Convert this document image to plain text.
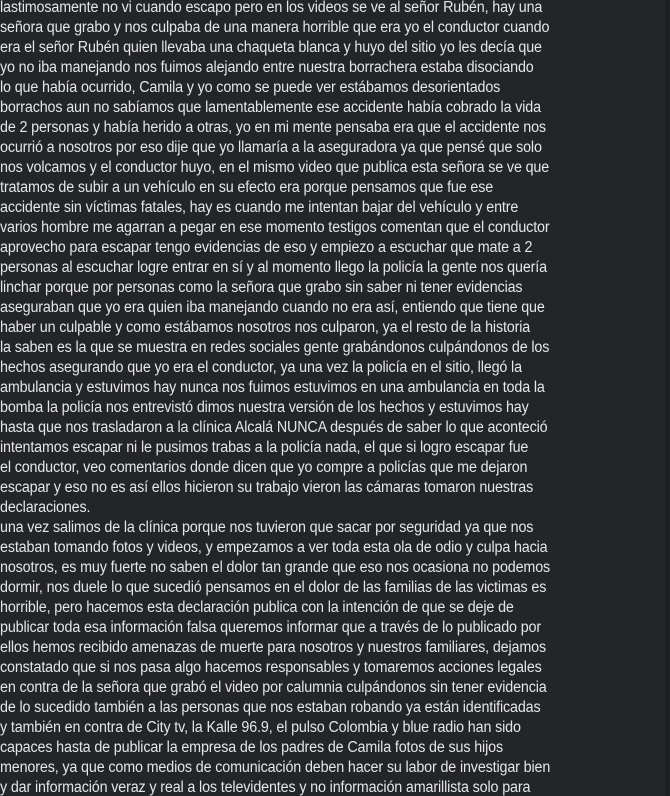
lastimosamente no vi cuando escapo pero en los videos se ve al señor Rubén, hay una
señora que grabo y nos culpaba de una manera horrible que era yo el conductor cuando
era el señor Rubén quien llevaba una chaqueta blanca y huyo del sitio yo les decía que
yo no iba manejando nos fuimos alejando entre nuestra borrachera estaba disociando
lo que había ocurrido, Camila y yo como se puede ver estábamos desorientados
borrachos aun no sabíamos que lamentablemente ese accidente había cobrado la vida
de 2 personas y había herido a otras, yo en mi mente pensaba era que el accidente nos
ocurrió a nosotros por eso dije que yo llamaría a la aseguradora ya que pensé que solo
nos volcamos y el conductor huyo, en el mismo video que publica esta señora se ve que
tratamos de subir a un vehículo en su efecto era porque pensamos que fue ese
accidente sin víctimas fatales, hay es cuando me intentan bajar del vehículo y entre
varios hombre me agarran a pegar en ese momento testigos comentan que el conductor
aprovecho para escapar tengo evidencias de eso y empiezo a escuchar que mate a 2
personas al escuchar logre entrar en sí y al momento llego la policía la gente nos quería
linchar porque por personas como la señora que grabo sin saber ni tener evidencias
aseguraban que yo era quien iba manejando cuando no era así, entiendo que tiene que
haber un culpable y como estábamos nosotros nos culparon, ya el resto de la historia
la saben es la que se muestra en redes sociales gente grabándonos culpándonos de los
hechos asegurando que yo era el conductor, ya una vez la policía en el sitio, llegó la
ambulancia y estuvimos hay nunca nos fuimos estuvimos en una ambulancia en toda la
bomba la policía nos entrevistó dimos nuestra versión de los hechos y estuvimos hay
hasta que nos trasladaron a la clínica Alcalá NUNCA después de saber lo que aconteció
intentamos escapar ni le pusimos trabas a la policía nada, el que si logro escapar fue
el conductor, veo comentarios donde dicen que yo compre a policías que me dejaron
escapar y eso no es así ellos hicieron su trabajo vieron las cámaras tomaron nuestras
declaraciones.
una vez salimos de la clínica porque nos tuvieron que sacar por seguridad ya que nos
estaban tomando fotos y videos, y empezamos a ver toda esta ola de odio y culpa hacia
nosotros, es muy fuerte no saben el dolor tan grande que eso nos ocasiona no podemos
dormir, nos duele lo que sucedió pensamos en el dolor de las familias de las victimas es
horrible, pero hacemos esta declaración publica con la intención de que se deje de
publicar toda esa información falsa queremos informar que a través de lo publicado por
ellos hemos recibido amenazas de muerte para nosotros y nuestros familiares, dejamos
constatado que si nos pasa algo hacemos responsables y tomaremos acciones legales
en contra de la señora que grabó el video por calumnia culpándonos sin tener evidencia
de lo sucedido también a las personas que nos estaban robando ya están identificadas
y también en contra de City tv, la Kalle 96.9, el pulso Colombia y blue radio han sido
capaces hasta de publicar la empresa de los padres de Camila fotos de sus hijos
menores, ya que como medios de comunicación deben hacer su labor de investigar bien
y dar información veraz y real a los televidentes y no información amarillista solo para
